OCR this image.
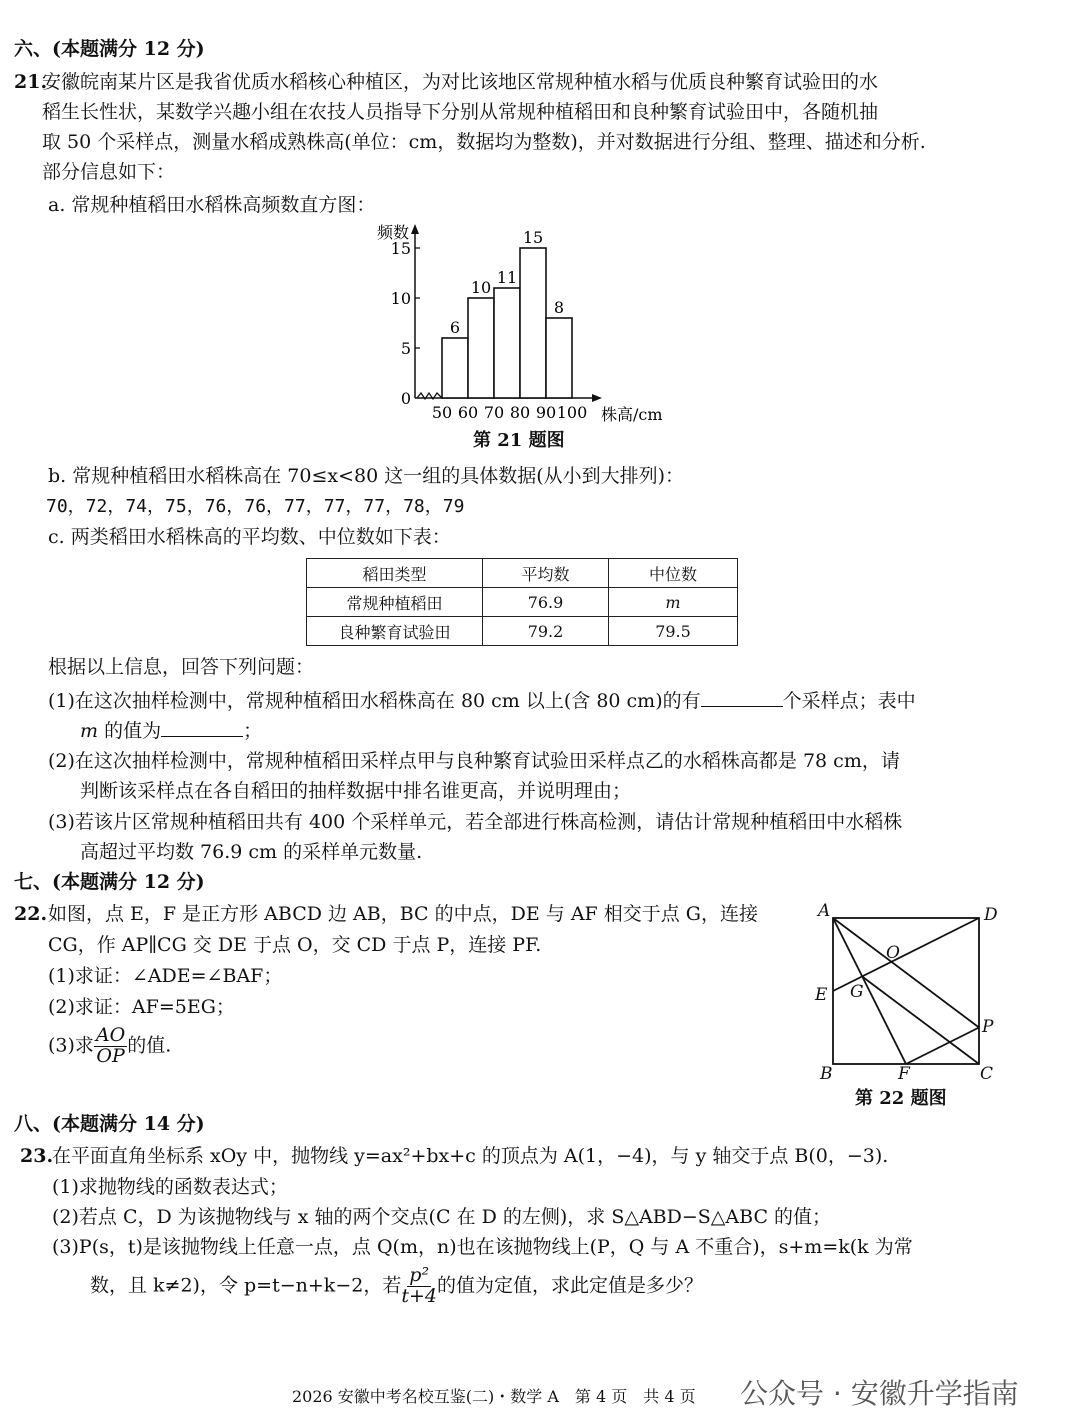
六、(本题满分 12 分)
21.
安徽皖南某片区是我省优质水稻核心种植区，为对比该地区常规种植水稻与优质良种繁育试验田的水
稻生长性状，某数学兴趣小组在农技人员指导下分别从常规种植稻田和良种繁育试验田中，各随机抽
取 50 个采样点，测量水稻成熟株高(单位：cm，数据均为整数)，并对数据进行分组、整理、描述和分析.
部分信息如下：
a. 常规种植稻田水稻株高频数直方图：
0
5
10
15
频数
6
10
11
15
8
50 60 70 80 90 100 株高/cm
第 21 题图
b. 常规种植稻田水稻株高在 70≤x<80 这一组的具体数据(从小到大排列)：
70，72，74，75，76，76，77，77，77，78，79
c. 两类稻田水稻株高的平均数、中位数如下表：
稻田类型	平均数	中位数
常规种植稻田	76.9	m
良种繁育试验田	79.2	79.5
根据以上信息，回答下列问题：
(1)在这次抽样检测中，常规种植稻田水稻株高在 80 cm 以上(含 80 cm)的有	个采样点；表中
m 的值为	；
(2)在这次抽样检测中，常规种植稻田采样点甲与良种繁育试验田采样点乙的水稻株高都是 78 cm，请
判断该采样点在各自稻田的抽样数据中排名谁更高，并说明理由；
(3)若该片区常规种植稻田共有 400 个采样单元，若全部进行株高检测，请估计常规种植稻田中水稻株
高超过平均数 76.9 cm 的采样单元数量.
七、(本题满分 12 分)
22. 如图，点 E，F 是正方形 ABCD 边 AB，BC 的中点，DE 与 AF 相交于点 G，连接
CG，作 AP∥CG 交 DE 于点 O，交 CD 于点 P，连接 PF.
(1)求证：∠ADE=∠BAF；
(2)求证：AF=5EG；
(3)求 $\frac{AO}{OP}$ 的值.
A	D
B	C
E
F
G
O
P
第 22 题图
八、(本题满分 14 分)
23.
在平面直角坐标系 xOy 中，抛物线 y=ax²+bx+c 的顶点为 A(1，−4)，与 y 轴交于点 B(0，−3).
(1)求抛物线的函数表达式；
(2)若点 C，D 为该抛物线与 x 轴的两个交点(C 在 D 的左侧)，求 S△ABD−S△ABC 的值；
(3)P(s，t)是该抛物线上任意一点，点 Q(m，n)也在该抛物线上(P，Q 与 A 不重合)，s+m=k(k 为常
数，且 k≠2)，令 p=t−n+k−2，若 $\frac{\text{p²}}{t+4}$ 的值为定值，求此定值是多少？
2026 安徽中考名校互鉴(二)・数学 A　第 4 页　共 4 页 公众号 · 安徽升学指南
